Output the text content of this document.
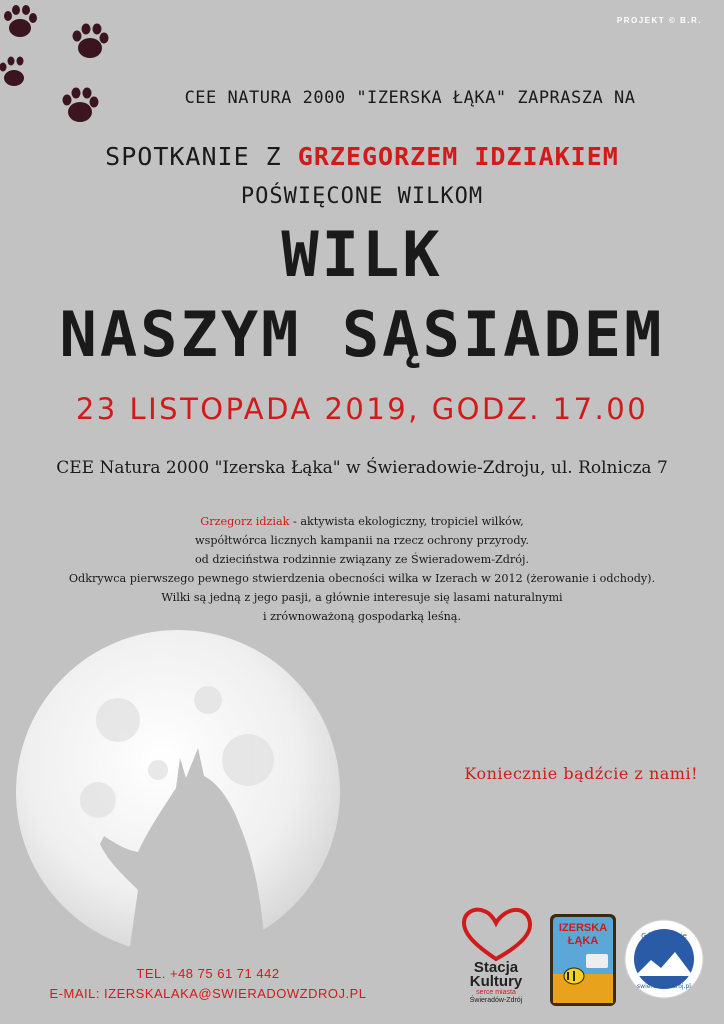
PROJEKT © B.R.
CEE NATURA 2000 "IZERSKA ŁĄKA" ZAPRASZA NA
SPOTKANIE Z GRZEGORZEM IDZIAKIEM
POŚWIĘCONE WILKOM
WILK
NASZYM SĄSIADEM
23 LISTOPADA 2019, GODZ. 17.00
CEE Natura 2000 "Izerska Łąka" w Świeradowie-Zdroju, ul. Rolnicza 7
Grzegorz idziak - aktywista ekologiczny, tropiciel wilków,
współtwórca licznych kampanii na rzecz ochrony przyrody.
od dzieciństwa rodzinnie związany ze Świeradowem-Zdrój.
Odkrywca pierwszego pewnego stwierdzenia obecności wilka w Izerach w 2012 (żerowanie i odchody).
Wilki są jedną z jego pasji, a głównie interesuje się lasami naturalnymi
i zrównoważoną gospodarką leśną.
Koniecznie bądźcie z nami!
TEL. +48 75 61 71 442
E-MAIL: IZERSKALAKA@SWIERADOWZDROJ.PL
Stacja
Kultury
serce miasta
Świeradów-Zdrój
IZERSKA
ŁĄKA	Góry Izerskie
swieradowzdroj.pl
